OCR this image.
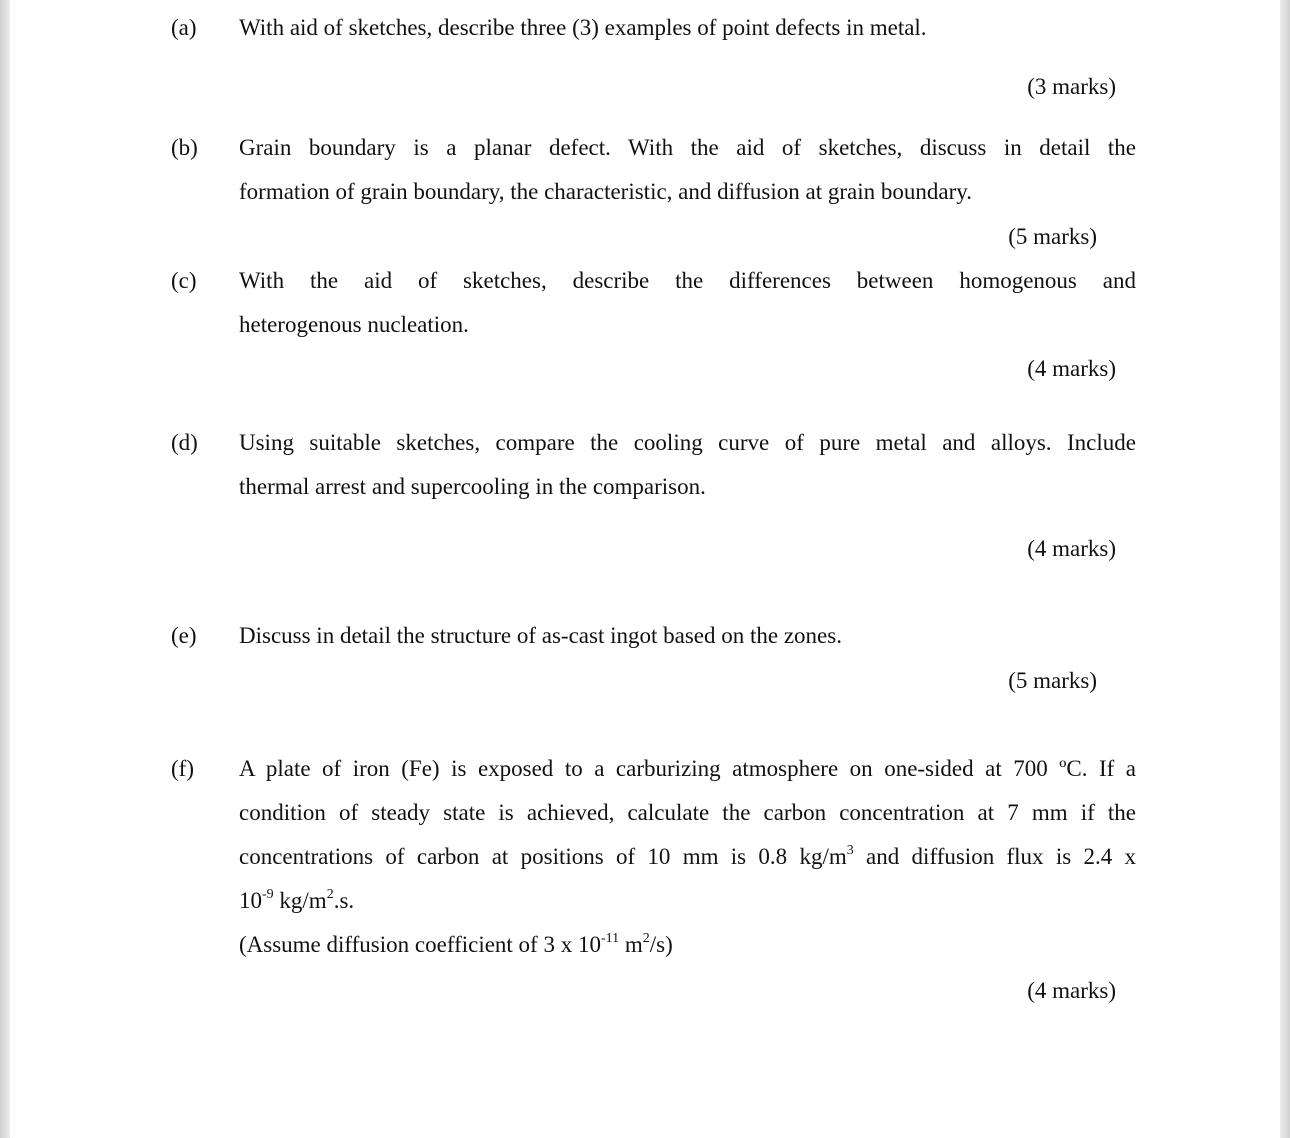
(a) With aid of sketches, describe three (3) examples of point defects in metal.
(3 marks)
(b) Grain boundary is a planar defect. With the aid of sketches, discuss in detail the
formation of grain boundary, the characteristic, and diffusion at grain boundary.
(5 marks)
(c) With the aid of sketches, describe the differences between homogenous and
heterogenous nucleation.
(4 marks)
(d) Using suitable sketches, compare the cooling curve of pure metal and alloys. Include
thermal arrest and supercooling in the comparison.
(4 marks)
(e) Discuss in detail the structure of as-cast ingot based on the zones.
(5 marks)
(f) A plate of iron (Fe) is exposed to a carburizing atmosphere on one-sided at 700 ºC. If a
condition of steady state is achieved, calculate the carbon concentration at 7 mm if the
concentrations of carbon at positions of 10 mm is 0.8 $kg/m^3$ and diffusion flux is 2.4 x
$10^{-9}$ $kg/m^2.s$.
(Assume diffusion coefficient of 3 x $10^{-11}$ $m^2/s$)
(4 marks)
